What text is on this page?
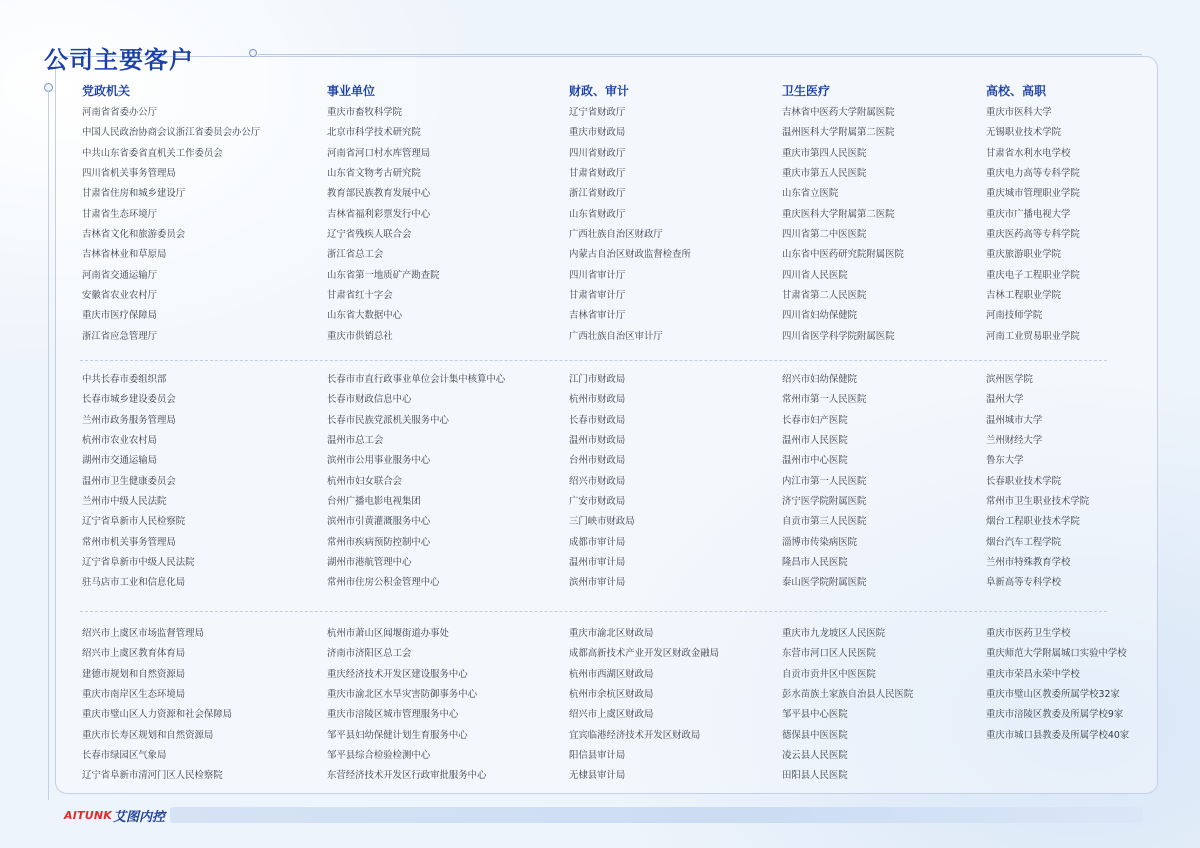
公司主要客户
党政机关
河南省省委办公厅
中国人民政治协商会议浙江省委员会办公厅
中共山东省委省直机关工作委员会
四川省机关事务管理局
甘肃省住房和城乡建设厅
甘肃省生态环境厅
吉林省文化和旅游委员会
吉林省林业和草原局
河南省交通运输厅
安徽省农业农村厅
重庆市医疗保障局
浙江省应急管理厅
中共长春市委组织部
长春市城乡建设委员会
兰州市政务服务管理局
杭州市农业农村局
湖州市交通运输局
温州市卫生健康委员会
兰州市中级人民法院
辽宁省阜新市人民检察院
常州市机关事务管理局
辽宁省阜新市中级人民法院
驻马店市工业和信息化局
绍兴市上虞区市场监督管理局
绍兴市上虞区教育体育局
建德市规划和自然资源局
重庆市南岸区生态环境局
重庆市璧山区人力资源和社会保障局
重庆市长寿区规划和自然资源局
长春市绿园区气象局
辽宁省阜新市清河门区人民检察院
事业单位
重庆市畜牧科学院
北京市科学技术研究院
河南省河口村水库管理局
山东省文物考古研究院
教育部民族教育发展中心
吉林省福利彩票发行中心
辽宁省残疾人联合会
浙江省总工会
山东省第一地质矿产勘查院
甘肃省红十字会
山东省大数据中心
重庆市供销总社
长春市市直行政事业单位会计集中核算中心
长春市财政信息中心
长春市民族党派机关服务中心
温州市总工会
滨州市公用事业服务中心
杭州市妇女联合会
台州广播电影电视集团
滨州市引黄灌溉服务中心
常州市疾病预防控制中心
湖州市港航管理中心
常州市住房公积金管理中心
杭州市萧山区闻堰街道办事处
济南市济阳区总工会
重庆经济技术开发区建设服务中心
重庆市渝北区水旱灾害防御事务中心
重庆市涪陵区城市管理服务中心
邹平县妇幼保健计划生育服务中心
邹平县综合检验检测中心
东营经济技术开发区行政审批服务中心
财政、审计
辽宁省财政厅
重庆市财政局
四川省财政厅
甘肃省财政厅
浙江省财政厅
山东省财政厅
广西壮族自治区财政厅
内蒙古自治区财政监督检查所
四川省审计厅
甘肃省审计厅
吉林省审计厅
广西壮族自治区审计厅
江门市财政局
杭州市财政局
长春市财政局
温州市财政局
台州市财政局
绍兴市财政局
广安市财政局
三门峡市财政局
成都市审计局
温州市审计局
滨州市审计局
重庆市渝北区财政局
成都高新技术产业开发区财政金融局
杭州市西湖区财政局
杭州市余杭区财政局
绍兴市上虞区财政局
宜宾临港经济技术开发区财政局
阳信县审计局
无棣县审计局
卫生医疗
吉林省中医药大学附属医院
温州医科大学附属第二医院
重庆市第四人民医院
重庆市第五人民医院
山东省立医院
重庆医科大学附属第二医院
四川省第二中医医院
山东省中医药研究院附属医院
四川省人民医院
甘肃省第二人民医院
四川省妇幼保健院
四川省医学科学院附属医院
绍兴市妇幼保健院
常州市第一人民医院
长春市妇产医院
温州市人民医院
温州市中心医院
内江市第一人民医院
济宁医学院附属医院
自贡市第三人民医院
淄博市传染病医院
隆昌市人民医院
泰山医学院附属医院
重庆市九龙坡区人民医院
东营市河口区人民医院
自贡市贡井区中医医院
彭水苗族土家族自治县人民医院
邹平县中心医院
德保县中医医院
凌云县人民医院
田阳县人民医院
高校、高职
重庆市医科大学
无锡职业技术学院
甘肃省水利水电学校
重庆电力高等专科学院
重庆城市管理职业学院
重庆市广播电视大学
重庆医药高等专科学院
重庆旅游职业学院
重庆电子工程职业学院
吉林工程职业学院
河南技师学院
河南工业贸易职业学院
滨州医学院
温州大学
温州城市大学
兰州财经大学
鲁东大学
长春职业技术学院
常州市卫生职业技术学院
烟台工程职业技术学院
烟台汽车工程学院
兰州市特殊教育学校
阜新高等专科学校
重庆市医药卫生学校
重庆师范大学附属城口实验中学校
重庆市荣昌永荣中学校
重庆市璧山区教委所属学校32家
重庆市涪陵区教委及所属学校9家
重庆市城口县教委及所属学校40家
AITUNK 艾图内控
